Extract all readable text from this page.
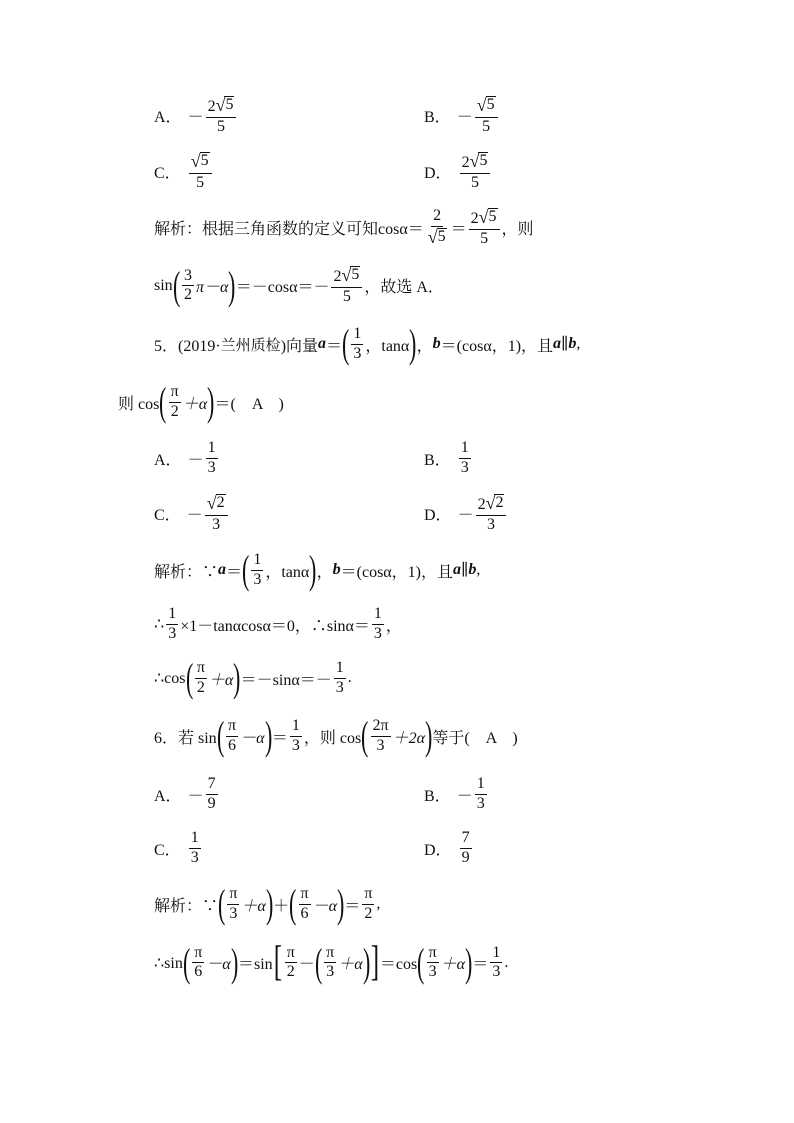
A． － $\frac{2 √ 5}{5}$	B． － $\frac{√ 5}{5}$
C． $\frac{√ 5}{5}$	D． $\frac{2 √ 5}{5}$
解析：根据三角函数的定义可知$\cos\alpha= \frac{2}{√ 5} = \frac{2 √ 5}{5}$ ，则
sin ( $\frac{3}{2} \pi-\alpha$ ) $=-\cos\alpha=- \frac{2 √ 5}{5}$ ，故选 A．
5．(2019· 兰州质检 )向量 a ＝ ( $\frac{1}{3}$ ，tanα ) ， b ＝(cosα，1)，且 a ∥ b ,
则 cos ( $\frac{\pi}{2} +\alpha$ ) ＝(　A　)
A． － $\frac{1}{3}$	B． $\frac{1}{3}$
C． － $\frac{√ 2}{3}$	D． － $\frac{2 √ 2}{3}$
解析：∵ a ＝ ( $\frac{1}{3}$ ，tanα ) ， b ＝(cosα，1)，且 a ∥ b ,
∴ $\frac{1}{3} \times 1-\tan\alpha\cos\alpha=0$，∴sinα＝ $\frac{1}{3}$ ，
∴cos ( $\frac{\pi}{2} +\alpha$ ) $=-\sin\alpha=- \frac{1}{3}$ .
6．若 sin ( $\frac{\pi}{6} -\alpha$ ) ＝ $\frac{1}{3}$ ，则 cos ( $\frac{2\pi}{3} +2\alpha$ ) 等于(　A　)
A． － $\frac{7}{9}$	B． － $\frac{1}{3}$
C． $\frac{1}{3}$	D． $\frac{7}{9}$
解析：∵ ( $\frac{\pi}{3} +\alpha$ ) ＋ ( $\frac{\pi}{6} -\alpha$ ) ＝ $\frac{\pi}{2}$ ,
∴sin ( $\frac{\pi}{6} -\alpha$ ) ＝sin [ $\frac{\pi}{2}$ － ( $\frac{\pi}{3} +\alpha$ ) ] ＝cos ( $\frac{\pi}{3} +\alpha$ ) ＝ $\frac{1}{3}$ .
